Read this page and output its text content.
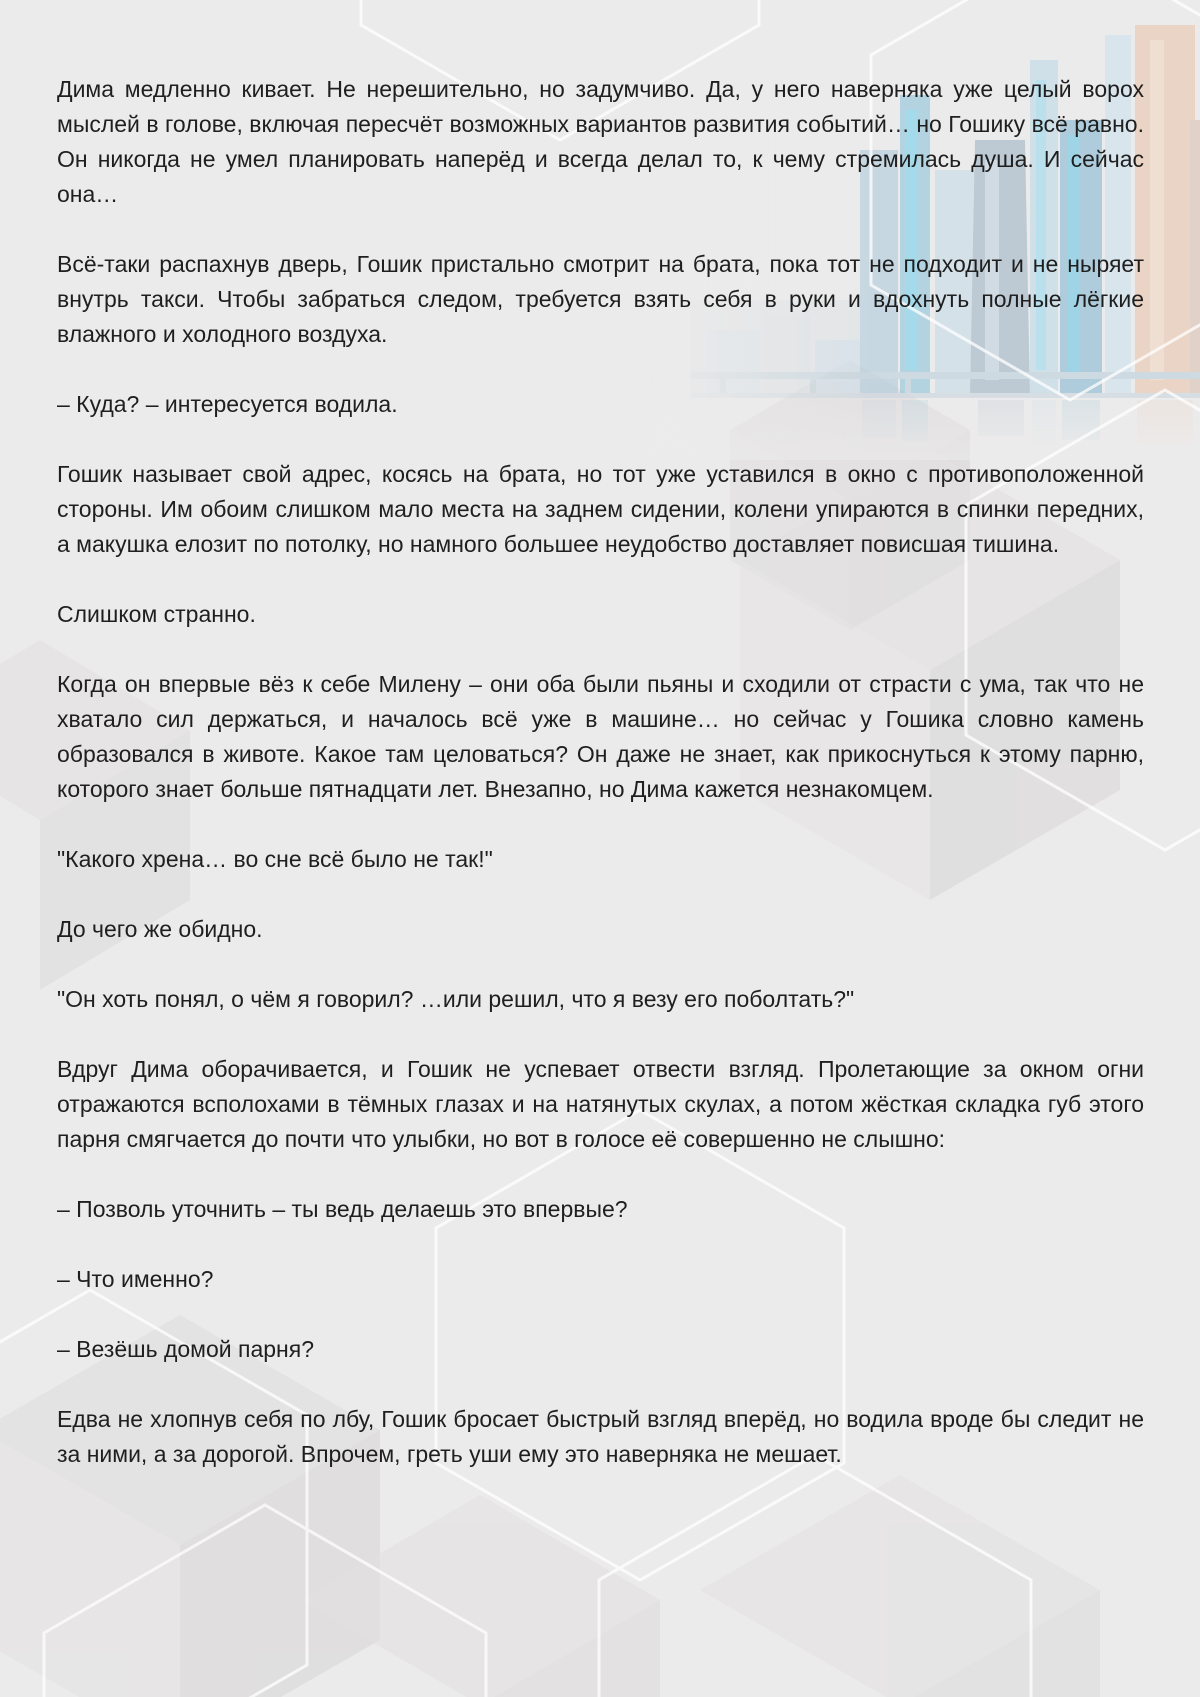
Дима медленно кивает. Не нерешительно, но задумчиво. Да, у него наверняка уже целый ворох мыслей в голове, включая пересчёт возможных вариантов развития событий… но Гошику всё равно. Он никогда не умел планировать наперёд и всегда делал то, к чему стремилась душа. И сейчас она…

Всё-таки распахнув дверь, Гошик пристально смотрит на брата, пока тот не подходит и не ныряет внутрь такси. Чтобы забраться следом, требуется взять себя в руки и вдохнуть полные лёгкие влажного и холодного воздуха.

– Куда? – интересуется водила.

Гошик называет свой адрес, косясь на брата, но тот уже уставился в окно с противоположенной стороны. Им обоим слишком мало места на заднем сидении, колени упираются в спинки передних, а макушка елозит по потолку, но намного большее неудобство доставляет повисшая тишина.

Слишком странно.

Когда он впервые вёз к себе Милену – они оба были пьяны и сходили от страсти с ума, так что не хватало сил держаться, и началось всё уже в машине… но сейчас у Гошика словно камень образовался в животе. Какое там целоваться? Он даже не знает, как прикоснуться к этому парню, которого знает больше пятнадцати лет. Внезапно, но Дима кажется незнакомцем.

"Какого хрена… во сне всё было не так!"

До чего же обидно.

"Он хоть понял, о чём я говорил? …или решил, что я везу его поболтать?"

Вдруг Дима оборачивается, и Гошик не успевает отвести взгляд. Пролетающие за окном огни отражаются всполохами в тёмных глазах и на натянутых скулах, а потом жёсткая складка губ этого парня смягчается до почти что улыбки, но вот в голосе её совершенно не слышно:

– Позволь уточнить – ты ведь делаешь это впервые?

– Что именно?

– Везёшь домой парня?

Едва не хлопнув себя по лбу, Гошик бросает быстрый взгляд вперёд, но водила вроде бы следит не за ними, а за дорогой. Впрочем, греть уши ему это наверняка не мешает.
